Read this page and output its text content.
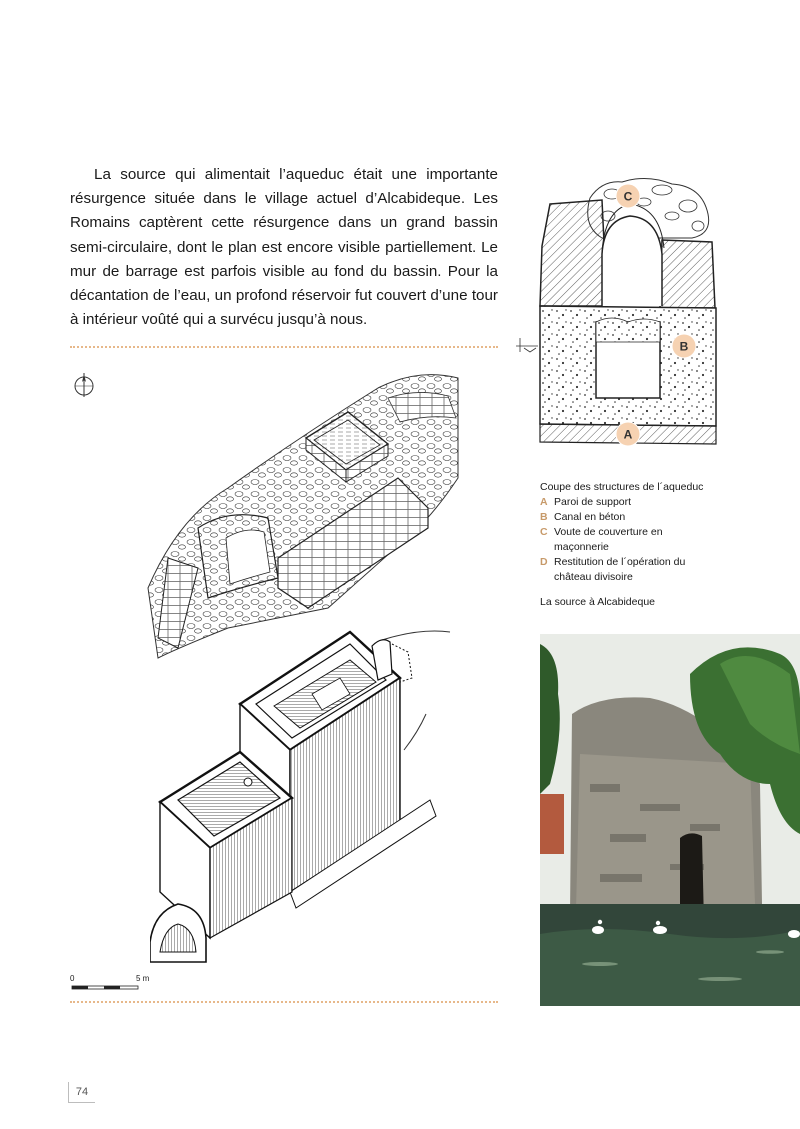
La source qui alimentait l’aqueduc était une importante résurgence située dans le village actuel d’Alcabideque. Les Romains captèrent cette résurgence dans un grand bassin semi-circulaire, dont le plan est encore visible partiellement. Le mur de barrage est parfois visible au fond du bassin. Pour la décantation de l’eau, un profond réservoir fut couvert d’une tour à intérieur voûté qui a survécu jusqu’à nous.

C
B
A
Coupe des structures de l´aqueduc
A Paroi de support
B Canal en béton
C Voute de couverture en maçonnerie
D Restitution de l´opération du château divisoire
La source à Alcabideque
0	5 m
74
